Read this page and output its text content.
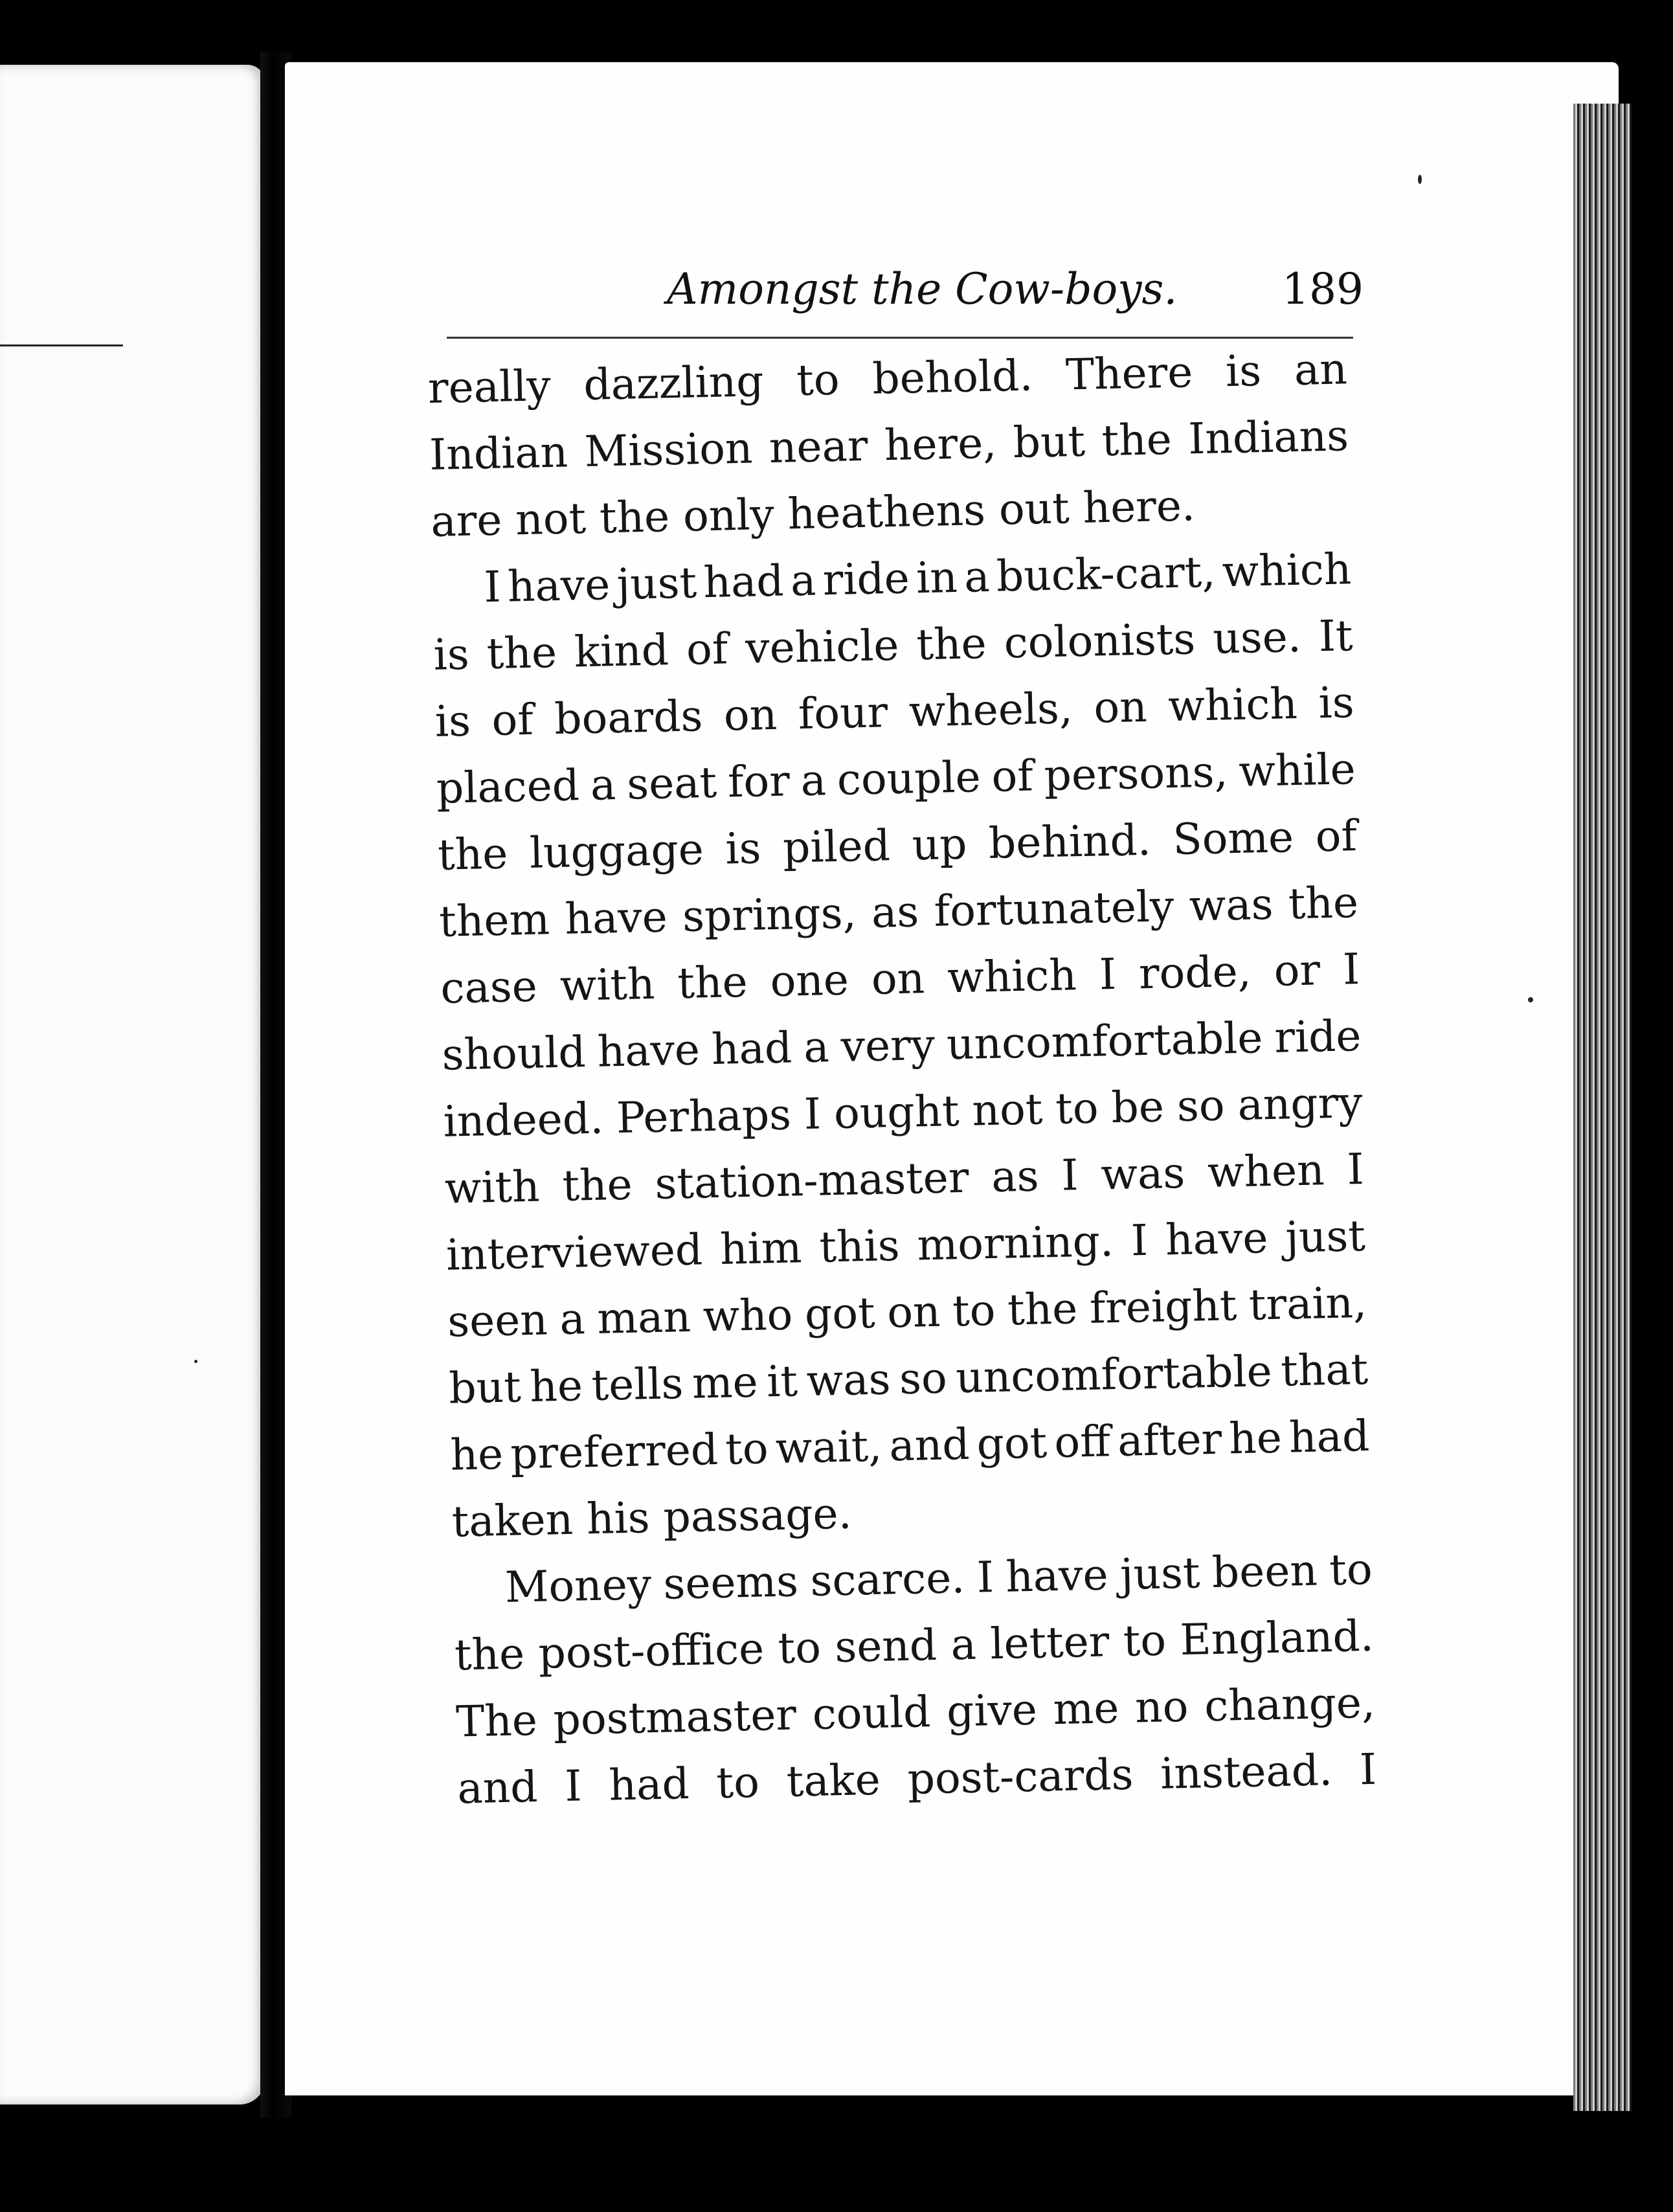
Amongst the Cow-boys. 189
really dazzling to behold. There is an
Indian Mission near here, but the Indians
are not the only heathens out here.
I have just had a ride in a buck-cart, which
is the kind of vehicle the colonists use. It
is of boards on four wheels, on which is
placed a seat for a couple of persons, while
the luggage is piled up behind. Some of
them have springs, as fortunately was the
case with the one on which I rode, or I
should have had a very uncomfortable ride
indeed. Perhaps I ought not to be so angry
with the station-master as I was when I
interviewed him this morning. I have just
seen a man who got on to the freight train,
but he tells me it was so uncomfortable that
he preferred to wait, and got off after he had
taken his passage.
Money seems scarce. I have just been to
the post-office to send a letter to England.
The postmaster could give me no change,
and I had to take post-cards instead. I
